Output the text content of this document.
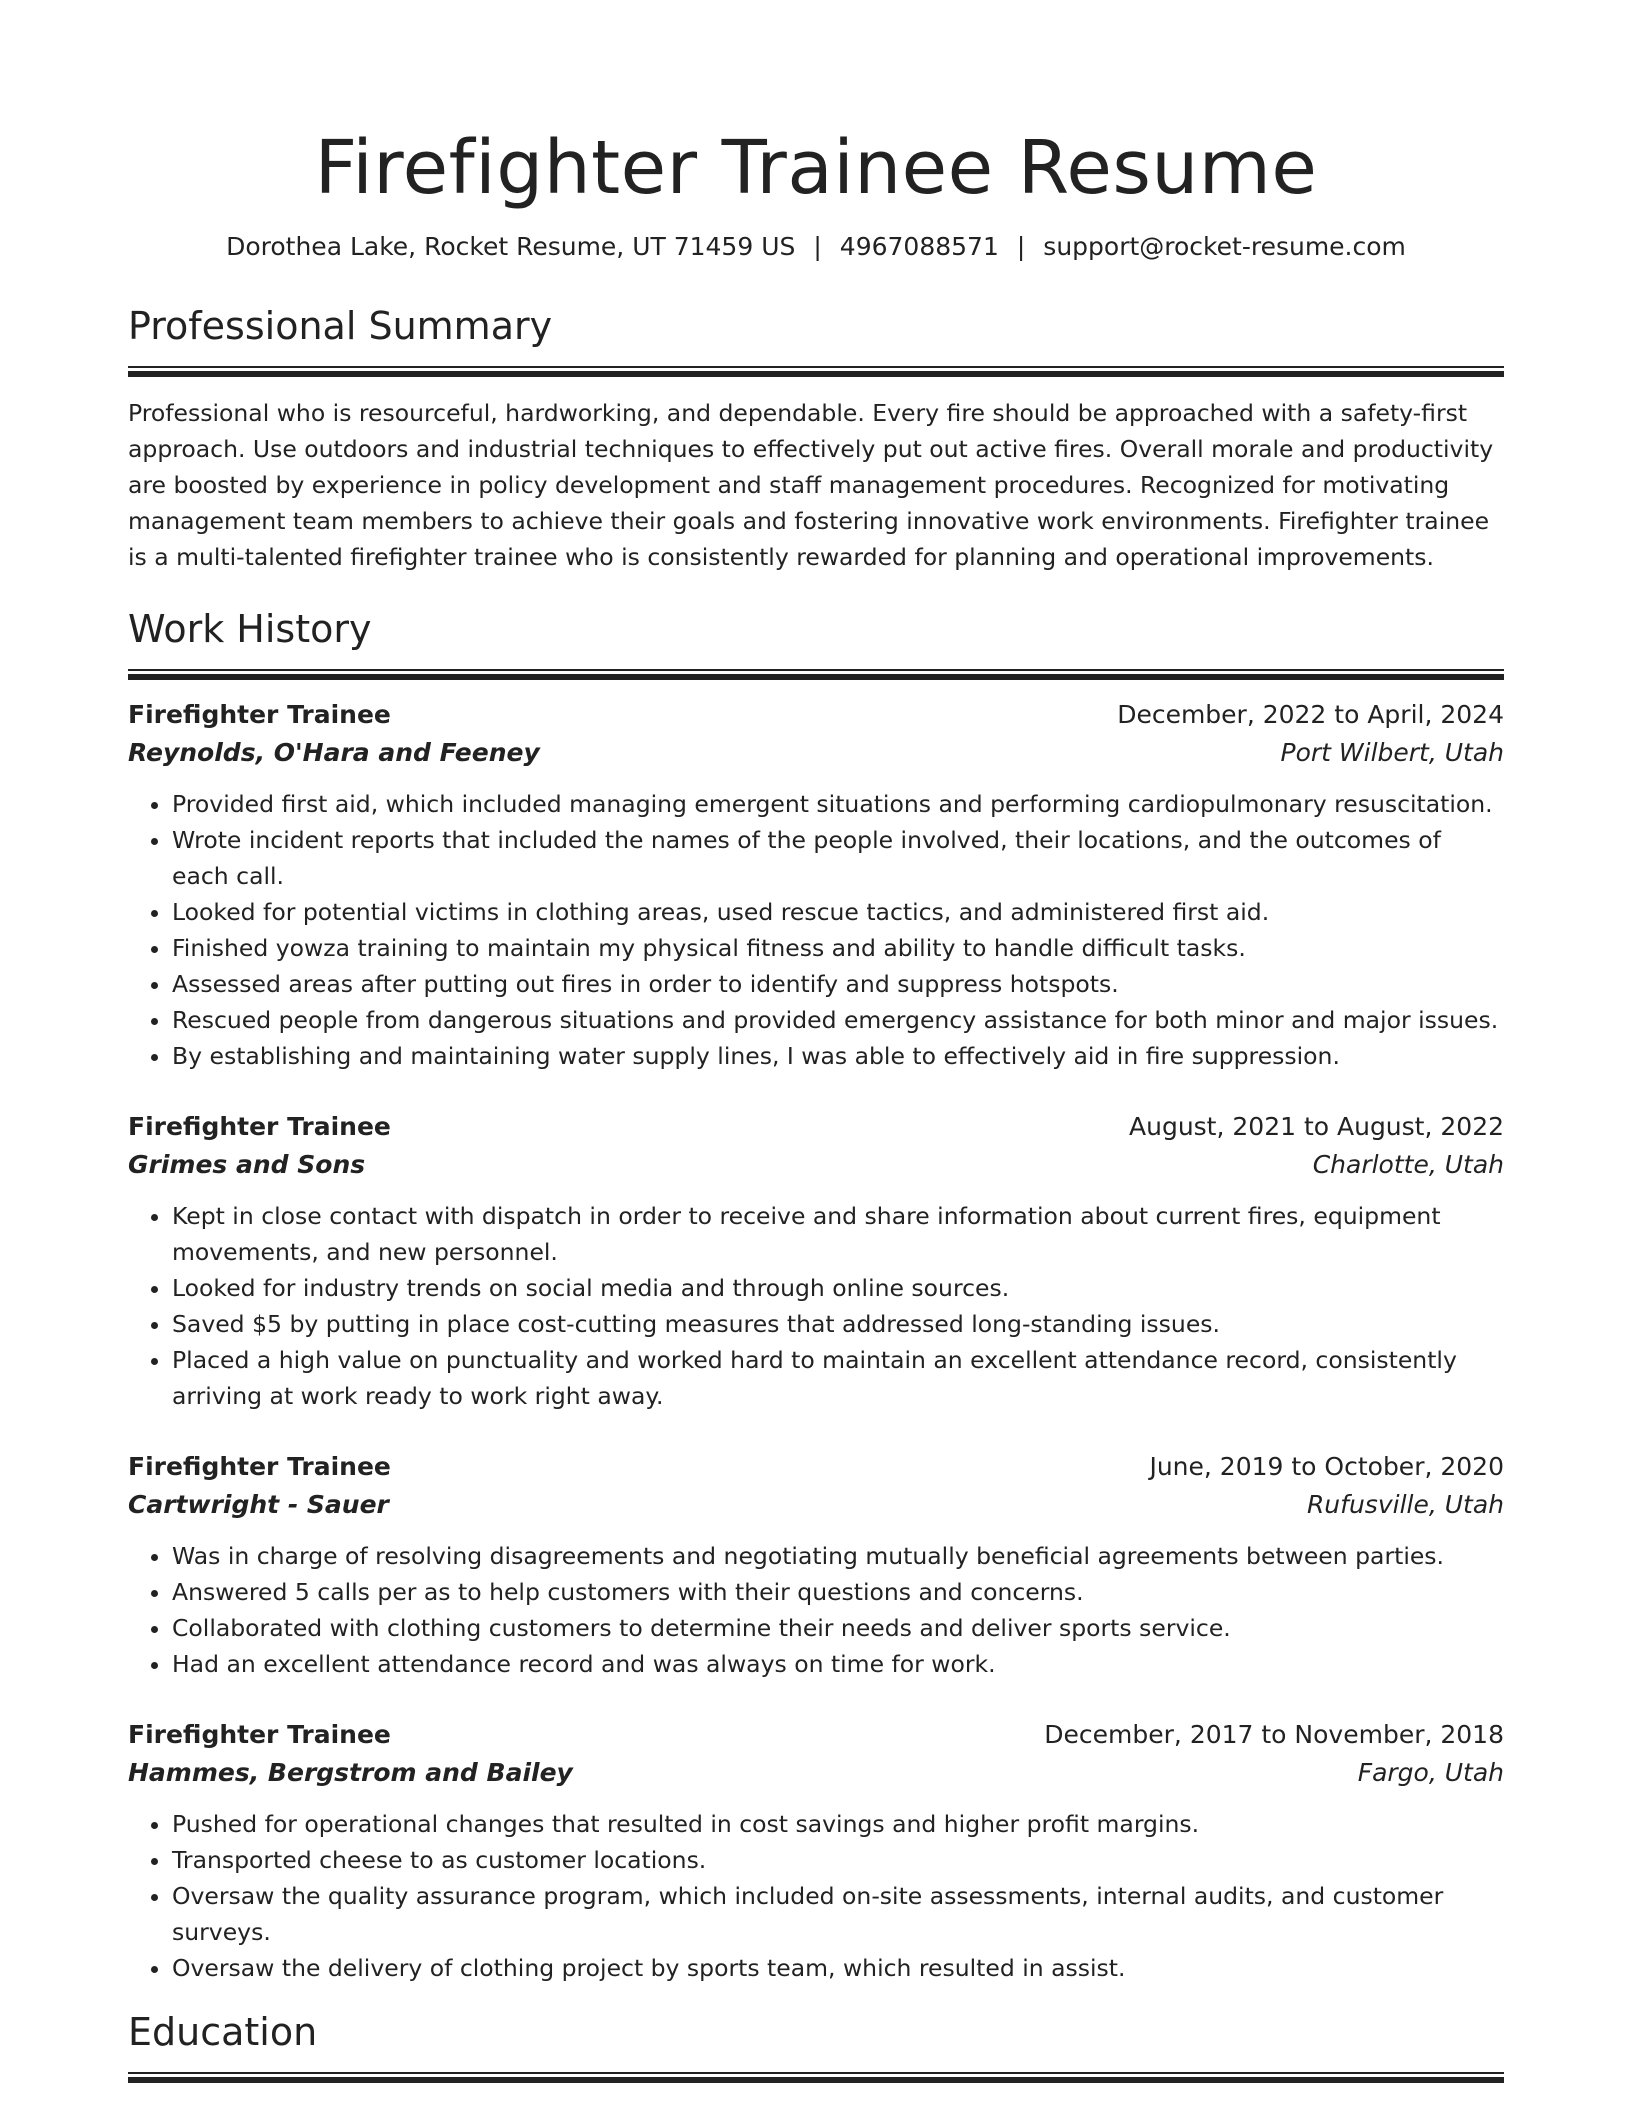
Firefighter Trainee Resume
Dorothea Lake, Rocket Resume, UT 71459 US | 4967088571 | support@rocket-resume.com
Professional Summary

Professional who is resourceful, hardworking, and dependable. Every fire should be approached with a safety-first approach. Use outdoors and industrial techniques to effectively put out active fires. Overall morale and productivity are boosted by experience in policy development and staff management procedures. Recognized for motivating management team members to achieve their goals and fostering innovative work environments. Firefighter trainee is a multi-talented firefighter trainee who is consistently rewarded for planning and operational improvements.

Work History
Firefighter Trainee	December, 2022 to April, 2024
Reynolds, O'Hara and Feeney	Port Wilbert, Utah
• Provided first aid, which included managing emergent situations and performing cardiopulmonary resuscitation.
• Wrote incident reports that included the names of the people involved, their locations, and the outcomes of each call.
• Looked for potential victims in clothing areas, used rescue tactics, and administered first aid.
• Finished yowza training to maintain my physical fitness and ability to handle difficult tasks.
• Assessed areas after putting out fires in order to identify and suppress hotspots.
• Rescued people from dangerous situations and provided emergency assistance for both minor and major issues.
• By establishing and maintaining water supply lines, I was able to effectively aid in fire suppression.
Firefighter Trainee	August, 2021 to August, 2022
Grimes and Sons	Charlotte, Utah
• Kept in close contact with dispatch in order to receive and share information about current fires, equipment movements, and new personnel.
• Looked for industry trends on social media and through online sources.
• Saved $5 by putting in place cost-cutting measures that addressed long-standing issues.
• Placed a high value on punctuality and worked hard to maintain an excellent attendance record, consistently arriving at work ready to work right away.
Firefighter Trainee	June, 2019 to October, 2020
Cartwright - Sauer	Rufusville, Utah
• Was in charge of resolving disagreements and negotiating mutually beneficial agreements between parties.
• Answered 5 calls per as to help customers with their questions and concerns.
• Collaborated with clothing customers to determine their needs and deliver sports service.
• Had an excellent attendance record and was always on time for work.
Firefighter Trainee	December, 2017 to November, 2018
Hammes, Bergstrom and Bailey	Fargo, Utah
• Pushed for operational changes that resulted in cost savings and higher profit margins.
• Transported cheese to as customer locations.
• Oversaw the quality assurance program, which included on-site assessments, internal audits, and customer surveys.
• Oversaw the delivery of clothing project by sports team, which resulted in assist.
Education
